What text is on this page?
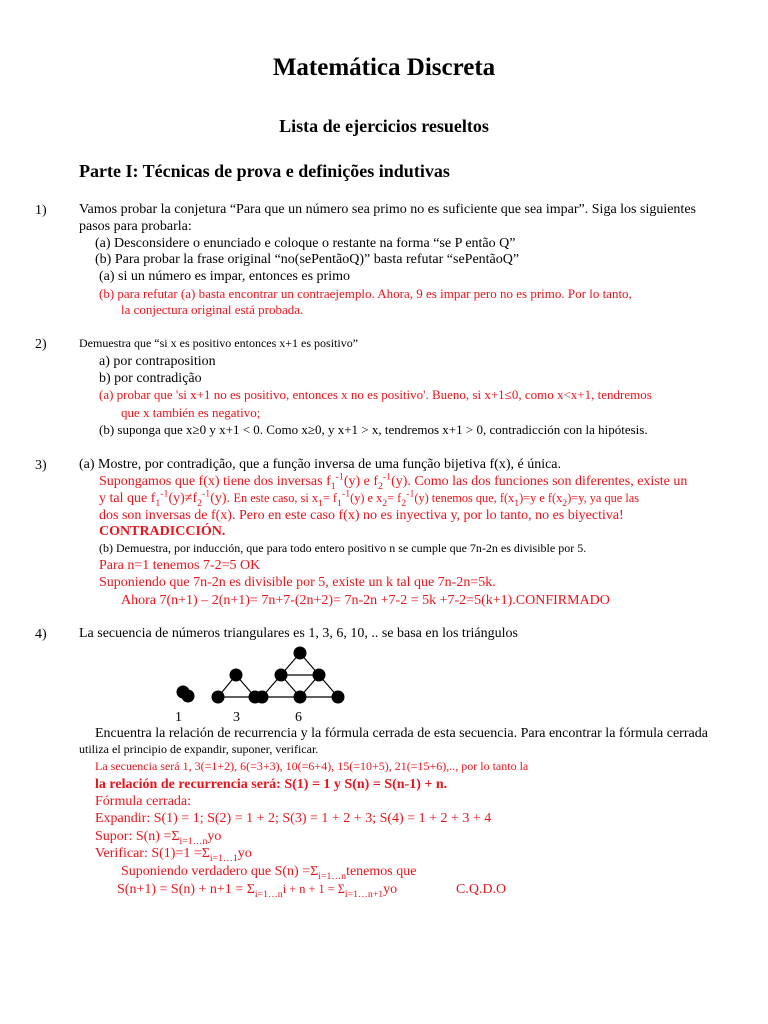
Matemática Discreta
Lista de ejercicios resueltos
Parte I: Técnicas de prova e definições indutivas
1) Vamos probar la conjetura “Para que un número sea primo no es suficiente que sea impar”. Siga los siguientes
pasos para probarla:
(a) Desconsidere o enunciado e coloque o restante na forma “se P então Q”
(b) Para probar la frase original “no(sePentãoQ)” basta refutar “sePentãoQ”
(a) si un número es impar, entonces es primo
(b) para refutar (a) basta encontrar un contraejemplo. Ahora, 9 es impar pero no es primo. Por lo tanto,
la conjectura original está probada.
2)	Demuestra que “si x es positivo entonces x+1 es positivo”
a) por contraposition
b) por contradição
(a) probar que 'si x+1 no es positivo, entonces x no es positivo'. Bueno, si x+1≤0, como x<x+1, tendremos
que x también es negativo;
(b) suponga que x≥0 y x+1 < 0. Como x≥0, y x+1 > x, tendremos x+1 > 0, contradicción con la hipótesis.
3) (a) Mostre, por contradição, que a função inversa de uma função bijetiva f(x), é única.
Supongamos que f(x) tiene dos inversas $f_1^{-1}(y)$ e $f_2^{-1}(y)$. Como las dos funciones son diferentes, existe un
y tal que $f_1^{-1}(y)\ne f_2^{-1}(y)$. En este caso, si $x_1= f_1^{-1}(y)$ e $x_2= f_2^{-1}(y)$ tenemos que, $f(x_1)=y$ e $f(x_2)=y$, ya que las
dos son inversas de f(x). Pero en este caso f(x) no es inyectiva y, por lo tanto, no es biyectiva!
CONTRADICCIÓN.
(b) Demuestra, por inducción, que para todo entero positivo n se cumple que 7n-2n es divisible por 5.
Para n=1 tenemos 7-2=5 OK
Suponiendo que 7n-2n es divisible por 5, existe un k tal que 7n-2n=5k.
Ahora 7(n+1) – 2(n+1)= 7n+7-(2n+2)= 7n-2n +7-2 = 5k +7-2=5(k+1).CONFIRMADO
4) La secuencia de números triangulares es 1, 3, 6, 10, .. se basa en los triángulos
1	3	6
Encuentra la relación de recurrencia y la fórmula cerrada de esta secuencia. Para encontrar la fórmula cerrada
utiliza el principio de expandir, suponer, verificar.
La secuencia será 1, 3(=1+2), 6(=3+3), 10(=6+4), 15(=10+5), 21(=15+6),.., por lo tanto la
la relación de recurrencia será: S(1) = 1 y S(n) = S(n-1) + n.
Fórmula cerrada:
Expandir: S(1) = 1; S(2) = 1 + 2; S(3) = 1 + 2 + 3; S(4) = 1 + 2 + 3 + 4
Supor: $S(n) =\Sigma_{i=1\dots n}yo$
Verificar: $S(1)=1 =\Sigma_{i=1\dots 1}yo$
Suponiendo verdadero que $S(n) =\Sigma_{i=1\dots n}tenemos$ que
$S(n+1) = S(n) + n+1 = \Sigma_{i=1\dots n}i + n + 1 = \Sigma_{i=1\dots n+1}yo$	C.Q.D.O
